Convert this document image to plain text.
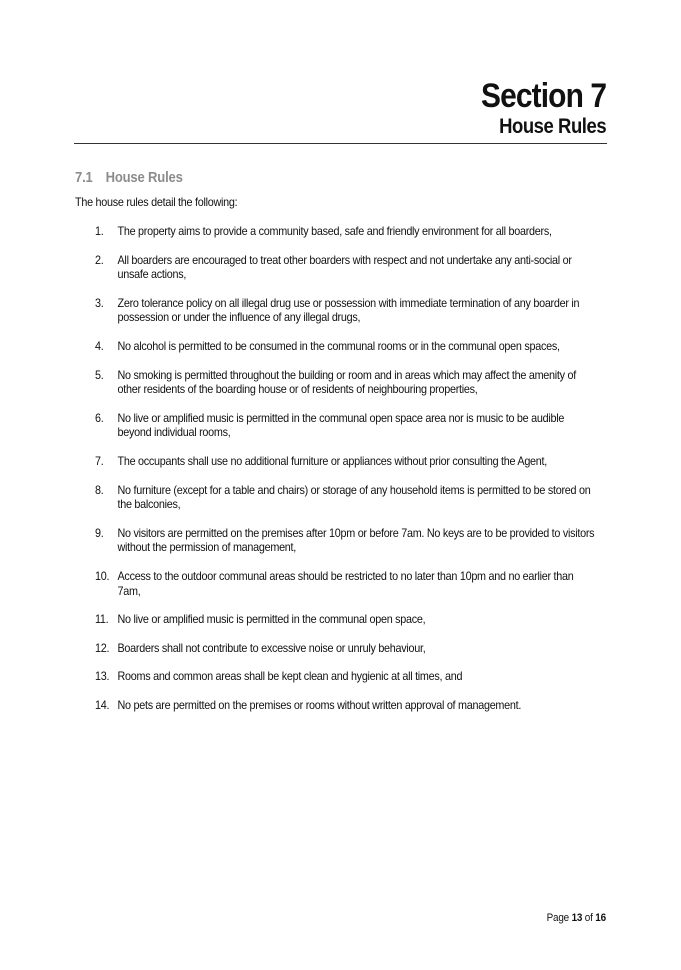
Section 7
House Rules
7.1 House Rules
The house rules detail the following:
1.	The property aims to provide a community based, safe and friendly environment for all boarders,
2.	All boarders are encouraged to treat other boarders with respect and not undertake any anti-social or unsafe actions,
3.	Zero tolerance policy on all illegal drug use or possession with immediate termination of any boarder in possession or under the influence of any illegal drugs,
4.	No alcohol is permitted to be consumed in the communal rooms or in the communal open spaces,
5.	No smoking is permitted throughout the building or room and in areas which may affect the amenity of other residents of the boarding house or of residents of neighbouring properties,
6.	No live or amplified music is permitted in the communal open space area nor is music to be audible beyond individual rooms,
7.	The occupants shall use no additional furniture or appliances without prior consulting the Agent,
8.	No furniture (except for a table and chairs) or storage of any household items is permitted to be stored on the balconies,
9.	No visitors are permitted on the premises after 10pm or before 7am. No keys are to be provided to visitors without the permission of management,
10. Access to the outdoor communal areas should be restricted to no later than 10pm and no earlier than 7am,
11. No live or amplified music is permitted in the communal open space,
12. Boarders shall not contribute to excessive noise or unruly behaviour,
13. Rooms and common areas shall be kept clean and hygienic at all times, and
14. No pets are permitted on the premises or rooms without written approval of management.
Page 13 of 16
